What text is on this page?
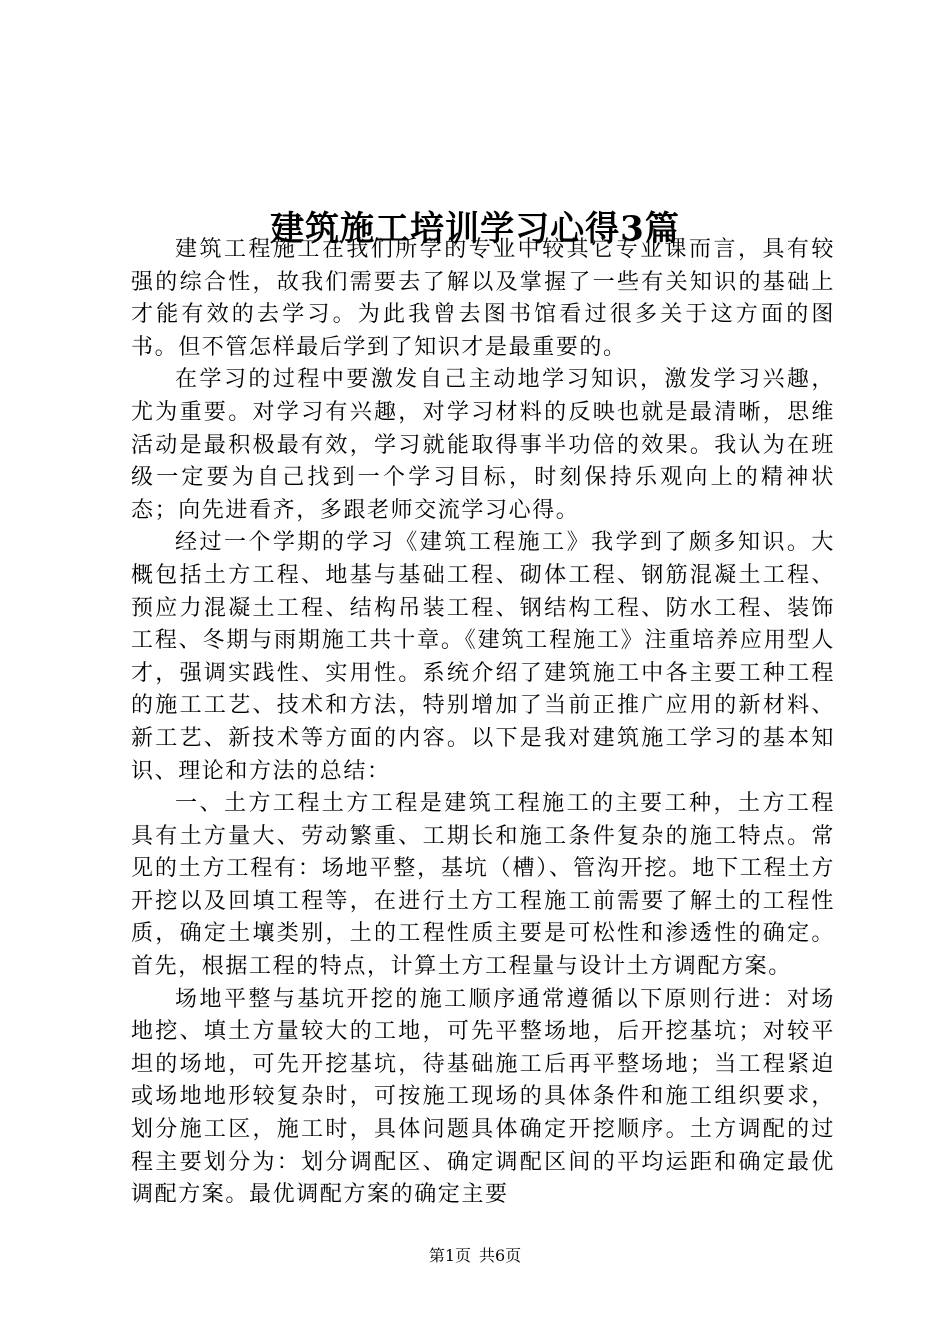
建筑施工培训学习心得3篇

建筑工程施工在我们所学的专业中较其它专业课而言，具有较强的综合性，故我们需要去了解以及掌握了一些有关知识的基础上才能有效的去学习。为此我曾去图书馆看过很多关于这方面的图书。但不管怎样最后学到了知识才是最重要的。

在学习的过程中要激发自己主动地学习知识，激发学习兴趣，尤为重要。对学习有兴趣，对学习材料的反映也就是最清晰，思维活动是最积极最有效，学习就能取得事半功倍的效果。我认为在班级一定要为自己找到一个学习目标，时刻保持乐观向上的精神状态；向先进看齐，多跟老师交流学习心得。

经过一个学期的学习《建筑工程施工》我学到了颇多知识。大概包括土方工程、地基与基础工程、砌体工程、钢筋混凝土工程、预应力混凝土工程、结构吊装工程、钢结构工程、防水工程、装饰工程、冬期与雨期施工共十章。《建筑工程施工》注重培养应用型人才，强调实践性、实用性。系统介绍了建筑施工中各主要工种工程的施工工艺、技术和方法，特别增加了当前正推广应用的新材料、新工艺、新技术等方面的内容。以下是我对建筑施工学习的基本知识、理论和方法的总结：

一、土方工程土方工程是建筑工程施工的主要工种，土方工程具有土方量大、劳动繁重、工期长和施工条件复杂的施工特点。常见的土方工程有：场地平整，基坑（槽）、管沟开挖。地下工程土方开挖以及回填工程等，在进行土方工程施工前需要了解土的工程性质，确定土壤类别，土的工程性质主要是可松性和渗透性的确定。首先，根据工程的特点，计算土方工程量与设计土方调配方案。

场地平整与基坑开挖的施工顺序通常遵循以下原则行进：对场地挖、填土方量较大的工地，可先平整场地，后开挖基坑；对较平坦的场地，可先开挖基坑，待基础施工后再平整场地；当工程紧迫或场地地形较复杂时，可按施工现场的具体条件和施工组织要求，划分施工区，施工时，具体问题具体确定开挖顺序。土方调配的过程主要划分为：划分调配区、确定调配区间的平均运距和确定最优调配方案。最优调配方案的确定主要

第1页 共6页
